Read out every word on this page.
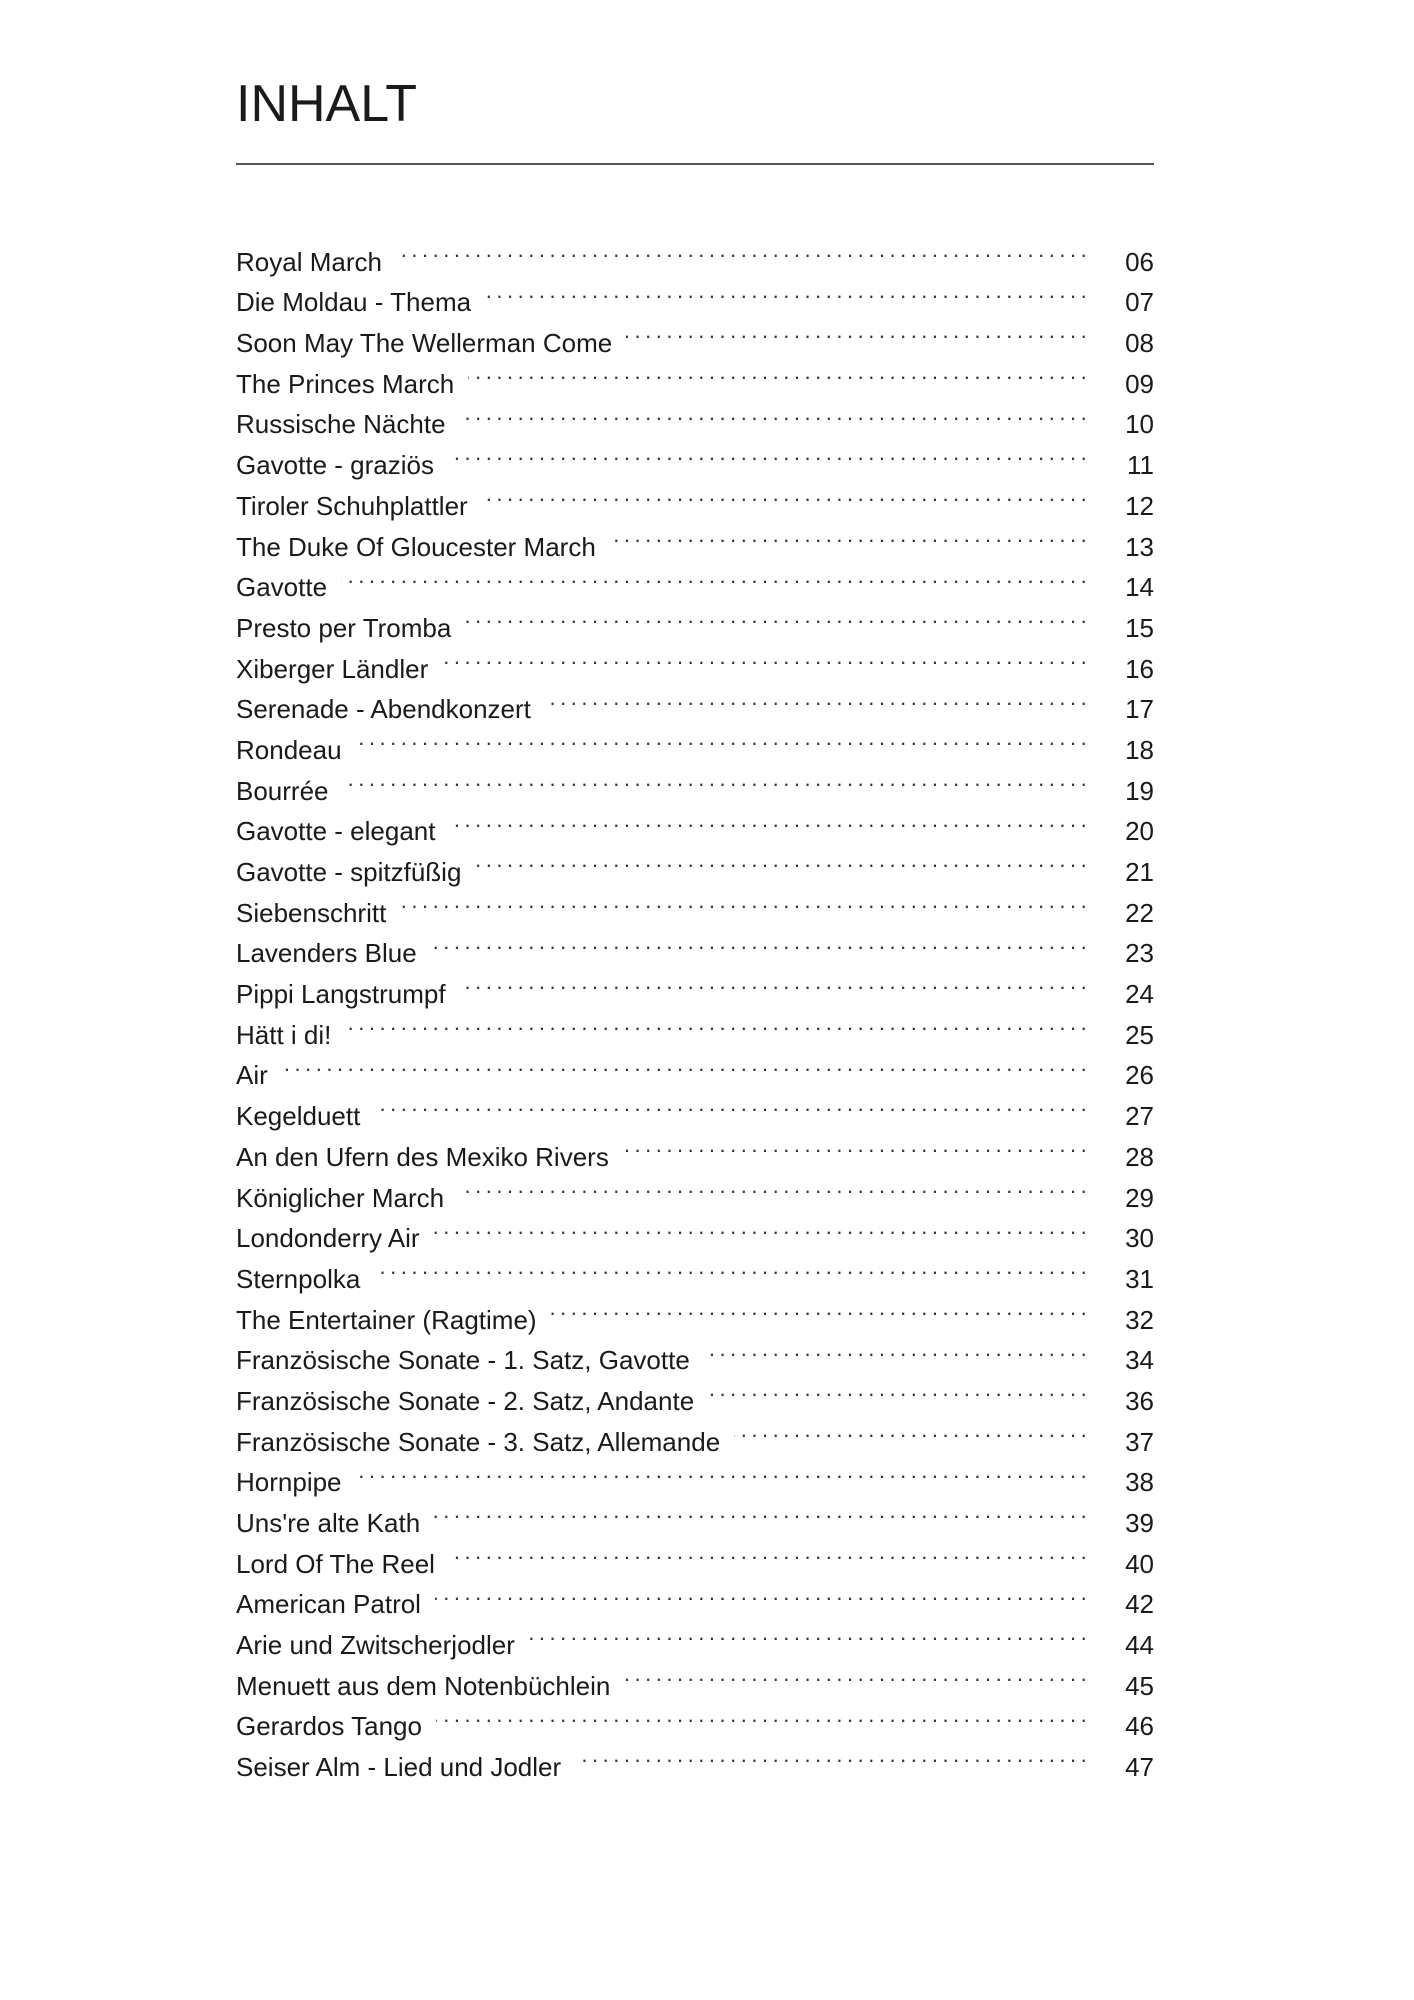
INHALT
Royal March . . .	06
Die Moldau - Thema . . .	07
Soon May The Wellerman Come . . .	08
The Princes March . . .	09
Russische Nächte . . .	10
Gavotte - graziös . . .	11
Tiroler Schuhplattler . . .	12
The Duke Of Gloucester March . . .	13
Gavotte . . .	14
Presto per Tromba . . .	15
Xiberger Ländler . . .	16
Serenade - Abendkonzert . . .	17
Rondeau . . .	18
Bourrée . . .	19
Gavotte - elegant . . .	20
Gavotte - spitzfüßig . . .	21
Siebenschritt . . .	22
Lavenders Blue . . .	23
Pippi Langstrumpf . . .	24
Hätt i di! . . .	25
Air . . .	26
Kegelduett . . .	27
An den Ufern des Mexiko Rivers . . .	28
Königlicher March . . .	29
Londonderry Air . . .	30
Sternpolka . . .	31
The Entertainer (Ragtime) . . .	32
Französische Sonate - 1. Satz, Gavotte . . .	34
Französische Sonate - 2. Satz, Andante . . .	36
Französische Sonate - 3. Satz, Allemande . . .	37
Hornpipe . . .	38
Uns're alte Kath . . .	39
Lord Of The Reel . . .	40
American Patrol . . .	42
Arie und Zwitscherjodler . . .	44
Menuett aus dem Notenbüchlein . . .	45
Gerardos Tango . . .	46
Seiser Alm - Lied und Jodler . . .	47
